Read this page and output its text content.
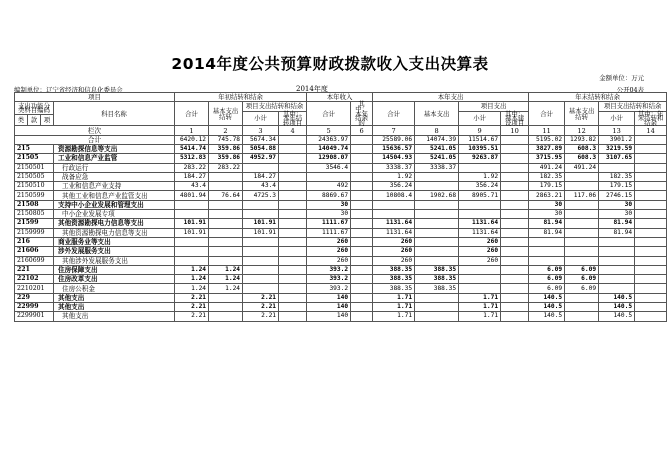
2014年度公共预算财政拨款收入支出决算表
金额单位：万元
公开04表
编制单位：辽宁省经济和信息化委员会	2014年度
项目				年初结转和结余				本年收入		本年支出				年末结转和结余			
支出功能分类科目编码			科目名称	合计	基本支出结转	项目支出结转和结余		合计	其中：本年结余的	合计	基本支出	项目支出		合计	基本支出结转	项目支出结转和结余	
						小计	其中：本年结转项目					小计	其中：基本建设项目			小计	其中：年末结转和结余
类	款	项															
栏次				1	2	3	4	5	6	7	8	9	10	11	12	13	14
合计				6420.12	745.78	5674.34		24363.97		25589.06	14074.39	11514.67		5195.02	1293.82	3901.2	
215			资源勘探信息等支出	5414.74	359.86	5054.88		14049.74		15636.57	5241.05	10395.51		3827.89	608.3	3219.59	
21505			工业和信息产业监管	5312.83	359.86	4952.97		12908.07		14504.93	5241.05	9263.87		3715.95	608.3	3107.65	
2150501			行政运行	283.22	283.22			3546.4		3338.37	3338.37			491.24	491.24		
2150505			战备应急	184.27		184.27				1.92		1.92		182.35		182.35	
2150510			工业和信息产业支持	43.4		43.4		492		356.24		356.24		179.15		179.15	
2150599			其他工业和信息产业监管支出	4801.94	76.64	4725.3		8869.67		10808.4	1902.68	8905.71		2863.21	117.06	2746.15	
21508			支持中小企业发展和管理支出					30						30		30	
2150805			中小企业发展专项					30						30		30	
21599			其他资源勘探电力信息等支出	101.91		101.91		1111.67		1131.64		1131.64		81.94		81.94	
2159999			其他资源勘探电力信息等支出	101.91		101.91		1111.67		1131.64		1131.64		81.94		81.94	
216			商业服务业等支出					260		260		260					
21606			涉外发展服务支出					260		260		260					
2160699			其他涉外发展服务支出					260		260		260					
221			住房保障支出	1.24	1.24			393.2		388.35	388.35			6.09	6.09		
22102			住房改革支出	1.24	1.24			393.2		388.35	388.35			6.09	6.09		
2210201			住房公积金	1.24	1.24			393.2		388.35	388.35			6.09	6.09		
229			其他支出	2.21		2.21		140		1.71		1.71		140.5		140.5	
22999			其他支出	2.21		2.21		140		1.71		1.71		140.5		140.5	
2299901			其他支出	2.21		2.21		140		1.71		1.71		140.5		140.5	
